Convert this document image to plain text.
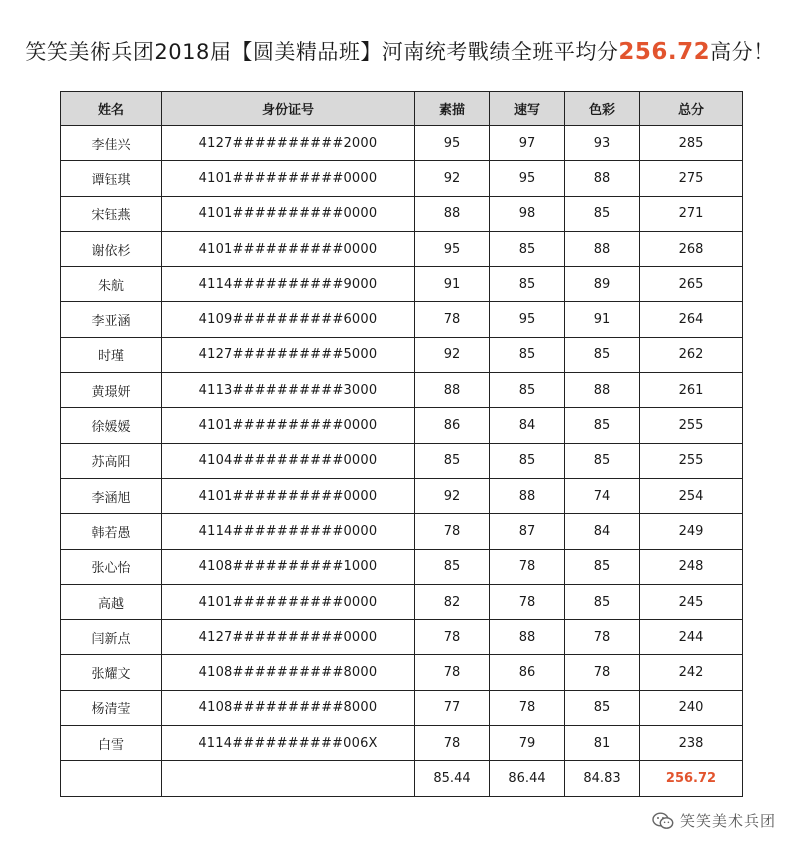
笑笑美術兵团2018届【圆美精品班】河南统考戰绩全班平均分256.72高分！
姓名	身份证号	素描	速写	色彩	总分
李佳兴	4127##########2000	95	97	93	285
谭钰琪	4101##########0000	92	95	88	275
宋钰燕	4101##########0000	88	98	85	271
谢依杉	4101##########0000	95	85	88	268
朱航	4114##########9000	91	85	89	265
李亚涵	4109##########6000	78	95	91	264
时瑾	4127##########5000	92	85	85	262
黄璟妍	4113##########3000	88	85	88	261
徐媛媛	4101##########0000	86	84	85	255
苏高阳	4104##########0000	85	85	85	255
李涵旭	4101##########0000	92	88	74	254
韩若愚	4114##########0000	78	87	84	249
张心怡	4108##########1000	85	78	85	248
高越	4101##########0000	82	78	85	245
闫新点	4127##########0000	78	88	78	244
张耀文	4108##########8000	78	86	78	242
杨清莹	4108##########8000	77	78	85	240
白雪	4114##########006X	78	79	81	238
		85.44	86.44	84.83	256.72
笑笑美术兵团
